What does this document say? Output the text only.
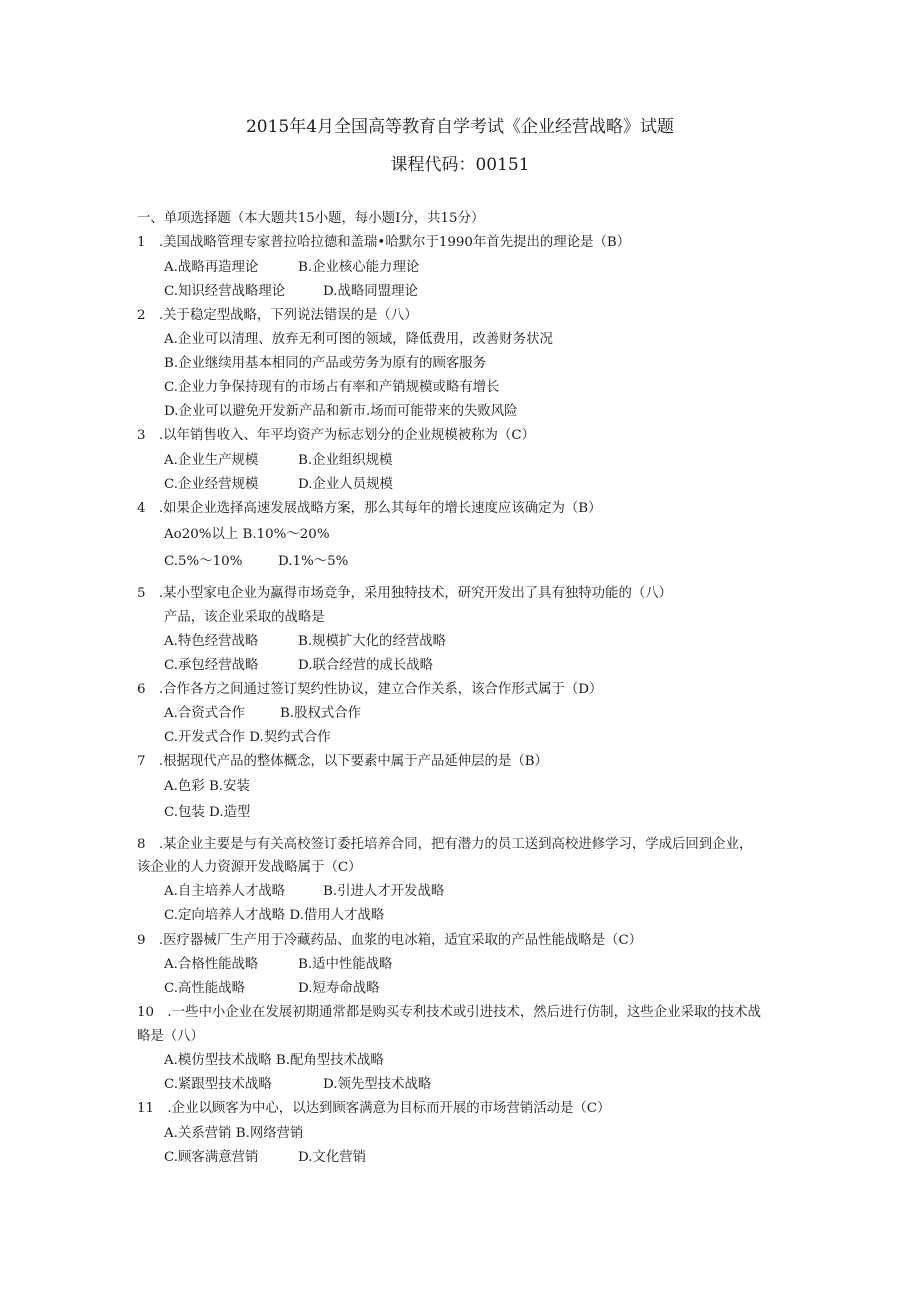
2015年4月全国高等教育自学考试《企业经营战略》试题
课程代码：00151
一、单项选择题（本大题共15小题，每小题I分，共15分）
1　.美国战略管理专家普拉哈拉德和盖瑞•哈默尔于1990年首先提出的理论是（B）
A.战略再造理论	B.企业核心能力理论
C.知识经营战略理论	D.战略同盟理论
2　.关于稳定型战略，下列说法错误的是（八）
A.企业可以清理、放弃无利可图的领域，降低费用，改善财务状况
B.企业继续用基本相同的产品或劳务为原有的顾客服务
C.企业力争保持现有的市场占有率和产销规模或略有增长
D.企业可以避免开发新产品和新市.场而可能带来的失败风险
3　.以年销售收入、年平均资产为标志划分的企业规模被称为（C）
A.企业生产规模	B.企业组织规模
C.企业经营规模	D.企业人员规模
4　.如果企业选择高速发展战略方案，那么其每年的增长速度应该确定为（B）
Ao20%以上 B.10%～20%
C.5%～10%	D.1%～5%
5　.某小型家电企业为赢得市场竞争，采用独特技术，研究开发出了具有独特功能的（八）
产品，该企业采取的战略是
A.特色经营战略	B.规模扩大化的经营战略
C.承包经营战略	D.联合经营的成长战略
6　.合作各方之间通过签订契约性协议，建立合作关系，该合作形式属于（D）
A.合资式合作	B.股权式合作
C.开发式合作 D.契约式合作
7　.根据现代产品的整体概念，以下要素中属于产品延伸层的是（B）
A.色彩 B.安装
C.包装 D.造型
8　.某企业主要是与有关高校签订委托培养合同，把有潜力的员工送到高校进修学习，学成后回到企业，
该企业的人力资源开发战略属于（C）
A.自主培养人才战略	B.引进人才开发战略
C.定向培养人才战略 D.借用人才战略
9　.医疗器械厂生产用于冷藏药品、血浆的电冰箱，适宜采取的产品性能战略是（C）
A.合格性能战略	B.适中性能战略
C.高性能战略	D.短寿命战略
10　.一些中小企业在发展初期通常都是购买专利技术或引进技术，然后进行仿制，这些企业采取的技术战
略是（八）
A.模仿型技术战略 B.配角型技术战略
C.紧跟型技术战略	D.领先型技术战略
11　.企业以顾客为中心，以达到顾客满意为目标而开展的市场营销活动是（C）
A.关系营销 B.网络营销
C.顾客满意营销	D.文化营销
